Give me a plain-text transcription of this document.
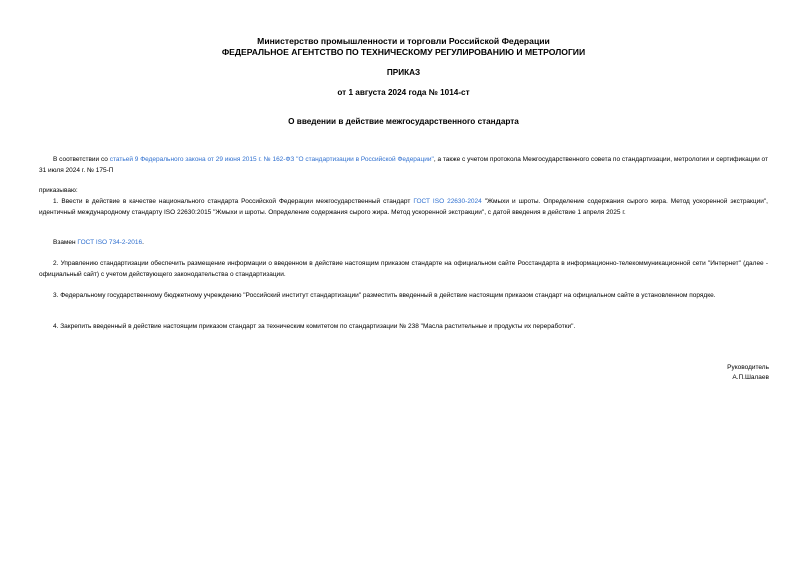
Министерство промышленности и торговли Российской Федерации
ФЕДЕРАЛЬНОЕ АГЕНТСТВО ПО ТЕХНИЧЕСКОМУ РЕГУЛИРОВАНИЮ И МЕТРОЛОГИИ
ПРИКАЗ
от 1 августа 2024 года № 1014-ст
О введении в действие межгосударственного стандарта
В соответствии со статьей 9 Федерального закона от 29 июня 2015 г. № 162-ФЗ "О стандартизации в Российской Федерации", а также с учетом протокола Межгосударственного совета по стандартизации, метрологии и сертификации от 31 июля 2024 г. № 175-П
приказываю:
1. Ввести в действие в качестве национального стандарта Российской Федерации межгосударственный стандарт ГОСТ ISO 22630-2024 "Жмыхи и шроты. Определение содержания сырого жира. Метод ускоренной экстракции", идентичный международному стандарту ISO 22630:2015 "Жмыхи и шроты. Определение содержания сырого жира. Метод ускоренной экстракции", с датой введения в действие 1 апреля 2025 г.
Взамен ГОСТ ISO 734-2-2016.
2. Управлению стандартизации обеспечить размещение информации о введенном в действие настоящим приказом стандарте на официальном сайте Росстандарта в информационно-телекоммуникационной сети "Интернет" (далее - официальный сайт) с учетом действующего законодательства о стандартизации.
3. Федеральному государственному бюджетному учреждению "Российский институт стандартизации" разместить введенный в действие настоящим приказом стандарт на официальном сайте в установленном порядке.
4. Закрепить введенный в действие настоящим приказом стандарт за техническим комитетом по стандартизации № 238 "Масла растительные и продукты их переработки".
Руководитель
А.П.Шалаев
